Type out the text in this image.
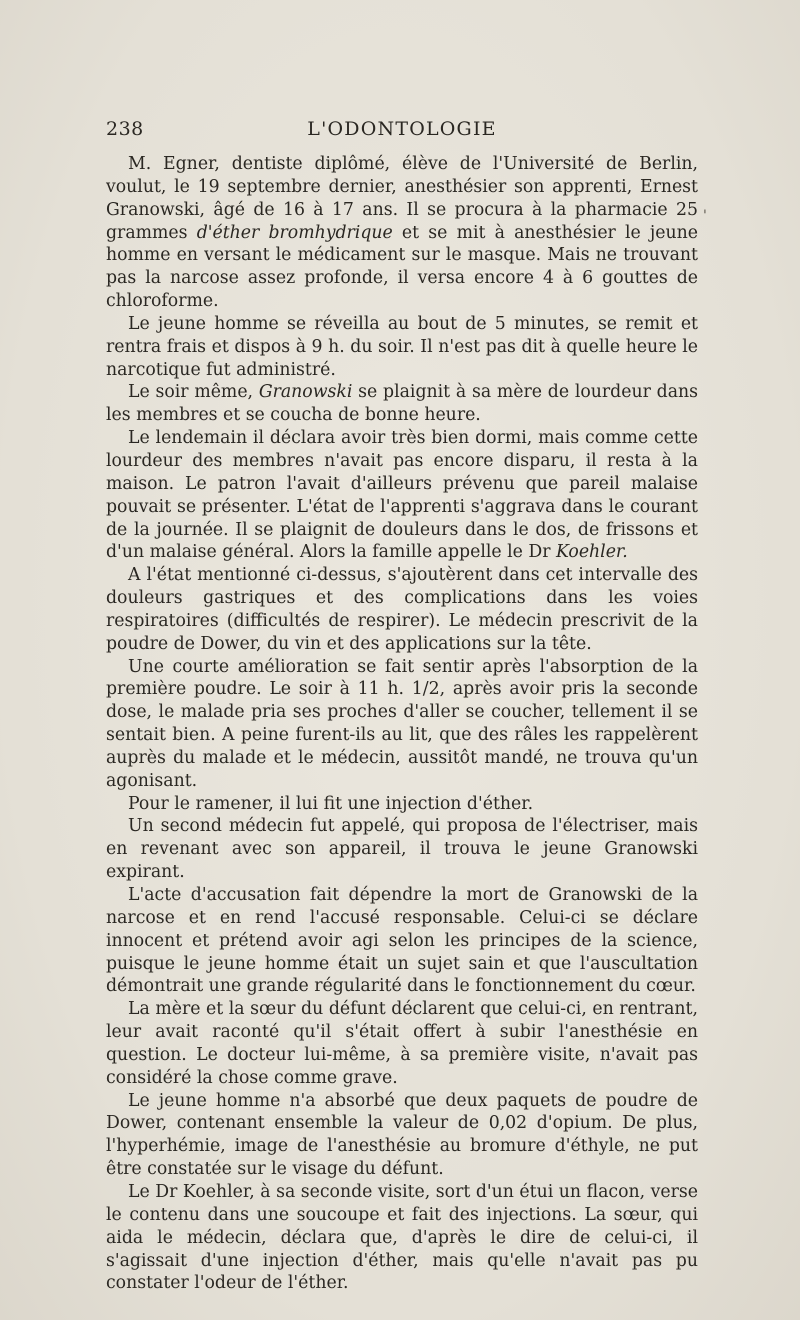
238	L'ODONTOLOGIE
'

M. Egner, dentiste diplômé, élève de l'Université de Berlin, voulut, le 19 septembre dernier, anesthésier son apprenti, Ernest Granowski, âgé de 16 à 17 ans. Il se procura à la pharmacie 25 grammes d'éther bromhydrique et se mit à anesthésier le jeune homme en versant le médicament sur le masque. Mais ne trouvant pas la narcose assez profonde, il versa encore 4 à 6 gouttes de chloroforme.

Le jeune homme se réveilla au bout de 5 minutes, se remit et rentra frais et dispos à 9 h. du soir. Il n'est pas dit à quelle heure le narcotique fut administré.

Le soir même, Granowski se plaignit à sa mère de lourdeur dans les membres et se coucha de bonne heure.

Le lendemain il déclara avoir très bien dormi, mais comme cette lourdeur des membres n'avait pas encore disparu, il resta à la maison. Le patron l'avait d'ailleurs prévenu que pareil malaise pouvait se présenter. L'état de l'apprenti s'aggrava dans le courant de la journée. Il se plaignit de douleurs dans le dos, de frissons et d'un malaise général. Alors la famille appelle le Dr Koehler.

A l'état mentionné ci-dessus, s'ajoutèrent dans cet intervalle des douleurs gastriques et des complications dans les voies respiratoires (difficultés de respirer). Le médecin prescrivit de la poudre de Dower, du vin et des applications sur la tête.

Une courte amélioration se fait sentir après l'absorption de la première poudre. Le soir à 11 h. 1/2, après avoir pris la seconde dose, le malade pria ses proches d'aller se coucher, tellement il se sentait bien. A peine furent-ils au lit, que des râles les rappelèrent auprès du malade et le médecin, aussitôt mandé, ne trouva qu'un agonisant.

Pour le ramener, il lui fit une injection d'éther.

Un second médecin fut appelé, qui proposa de l'électriser, mais en revenant avec son appareil, il trouva le jeune Granowski expirant.

L'acte d'accusation fait dépendre la mort de Granowski de la narcose et en rend l'accusé responsable. Celui-ci se déclare innocent et prétend avoir agi selon les principes de la science, puisque le jeune homme était un sujet sain et que l'auscultation démontrait une grande régularité dans le fonctionnement du cœur.

La mère et la sœur du défunt déclarent que celui-ci, en rentrant, leur avait raconté qu'il s'était offert à subir l'anesthésie en question. Le docteur lui-même, à sa première visite, n'avait pas considéré la chose comme grave.

Le jeune homme n'a absorbé que deux paquets de poudre de Dower, contenant ensemble la valeur de 0,02 d'opium. De plus, l'hyperhémie, image de l'anesthésie au bromure d'éthyle, ne put être constatée sur le visage du défunt.

Le Dr Koehler, à sa seconde visite, sort d'un étui un flacon, verse le contenu dans une soucoupe et fait des injections. La sœur, qui aida le médecin, déclara que, d'après le dire de celui-ci, il s'agissait d'une injection d'éther, mais qu'elle n'avait pas pu constater l'odeur de l'éther.
